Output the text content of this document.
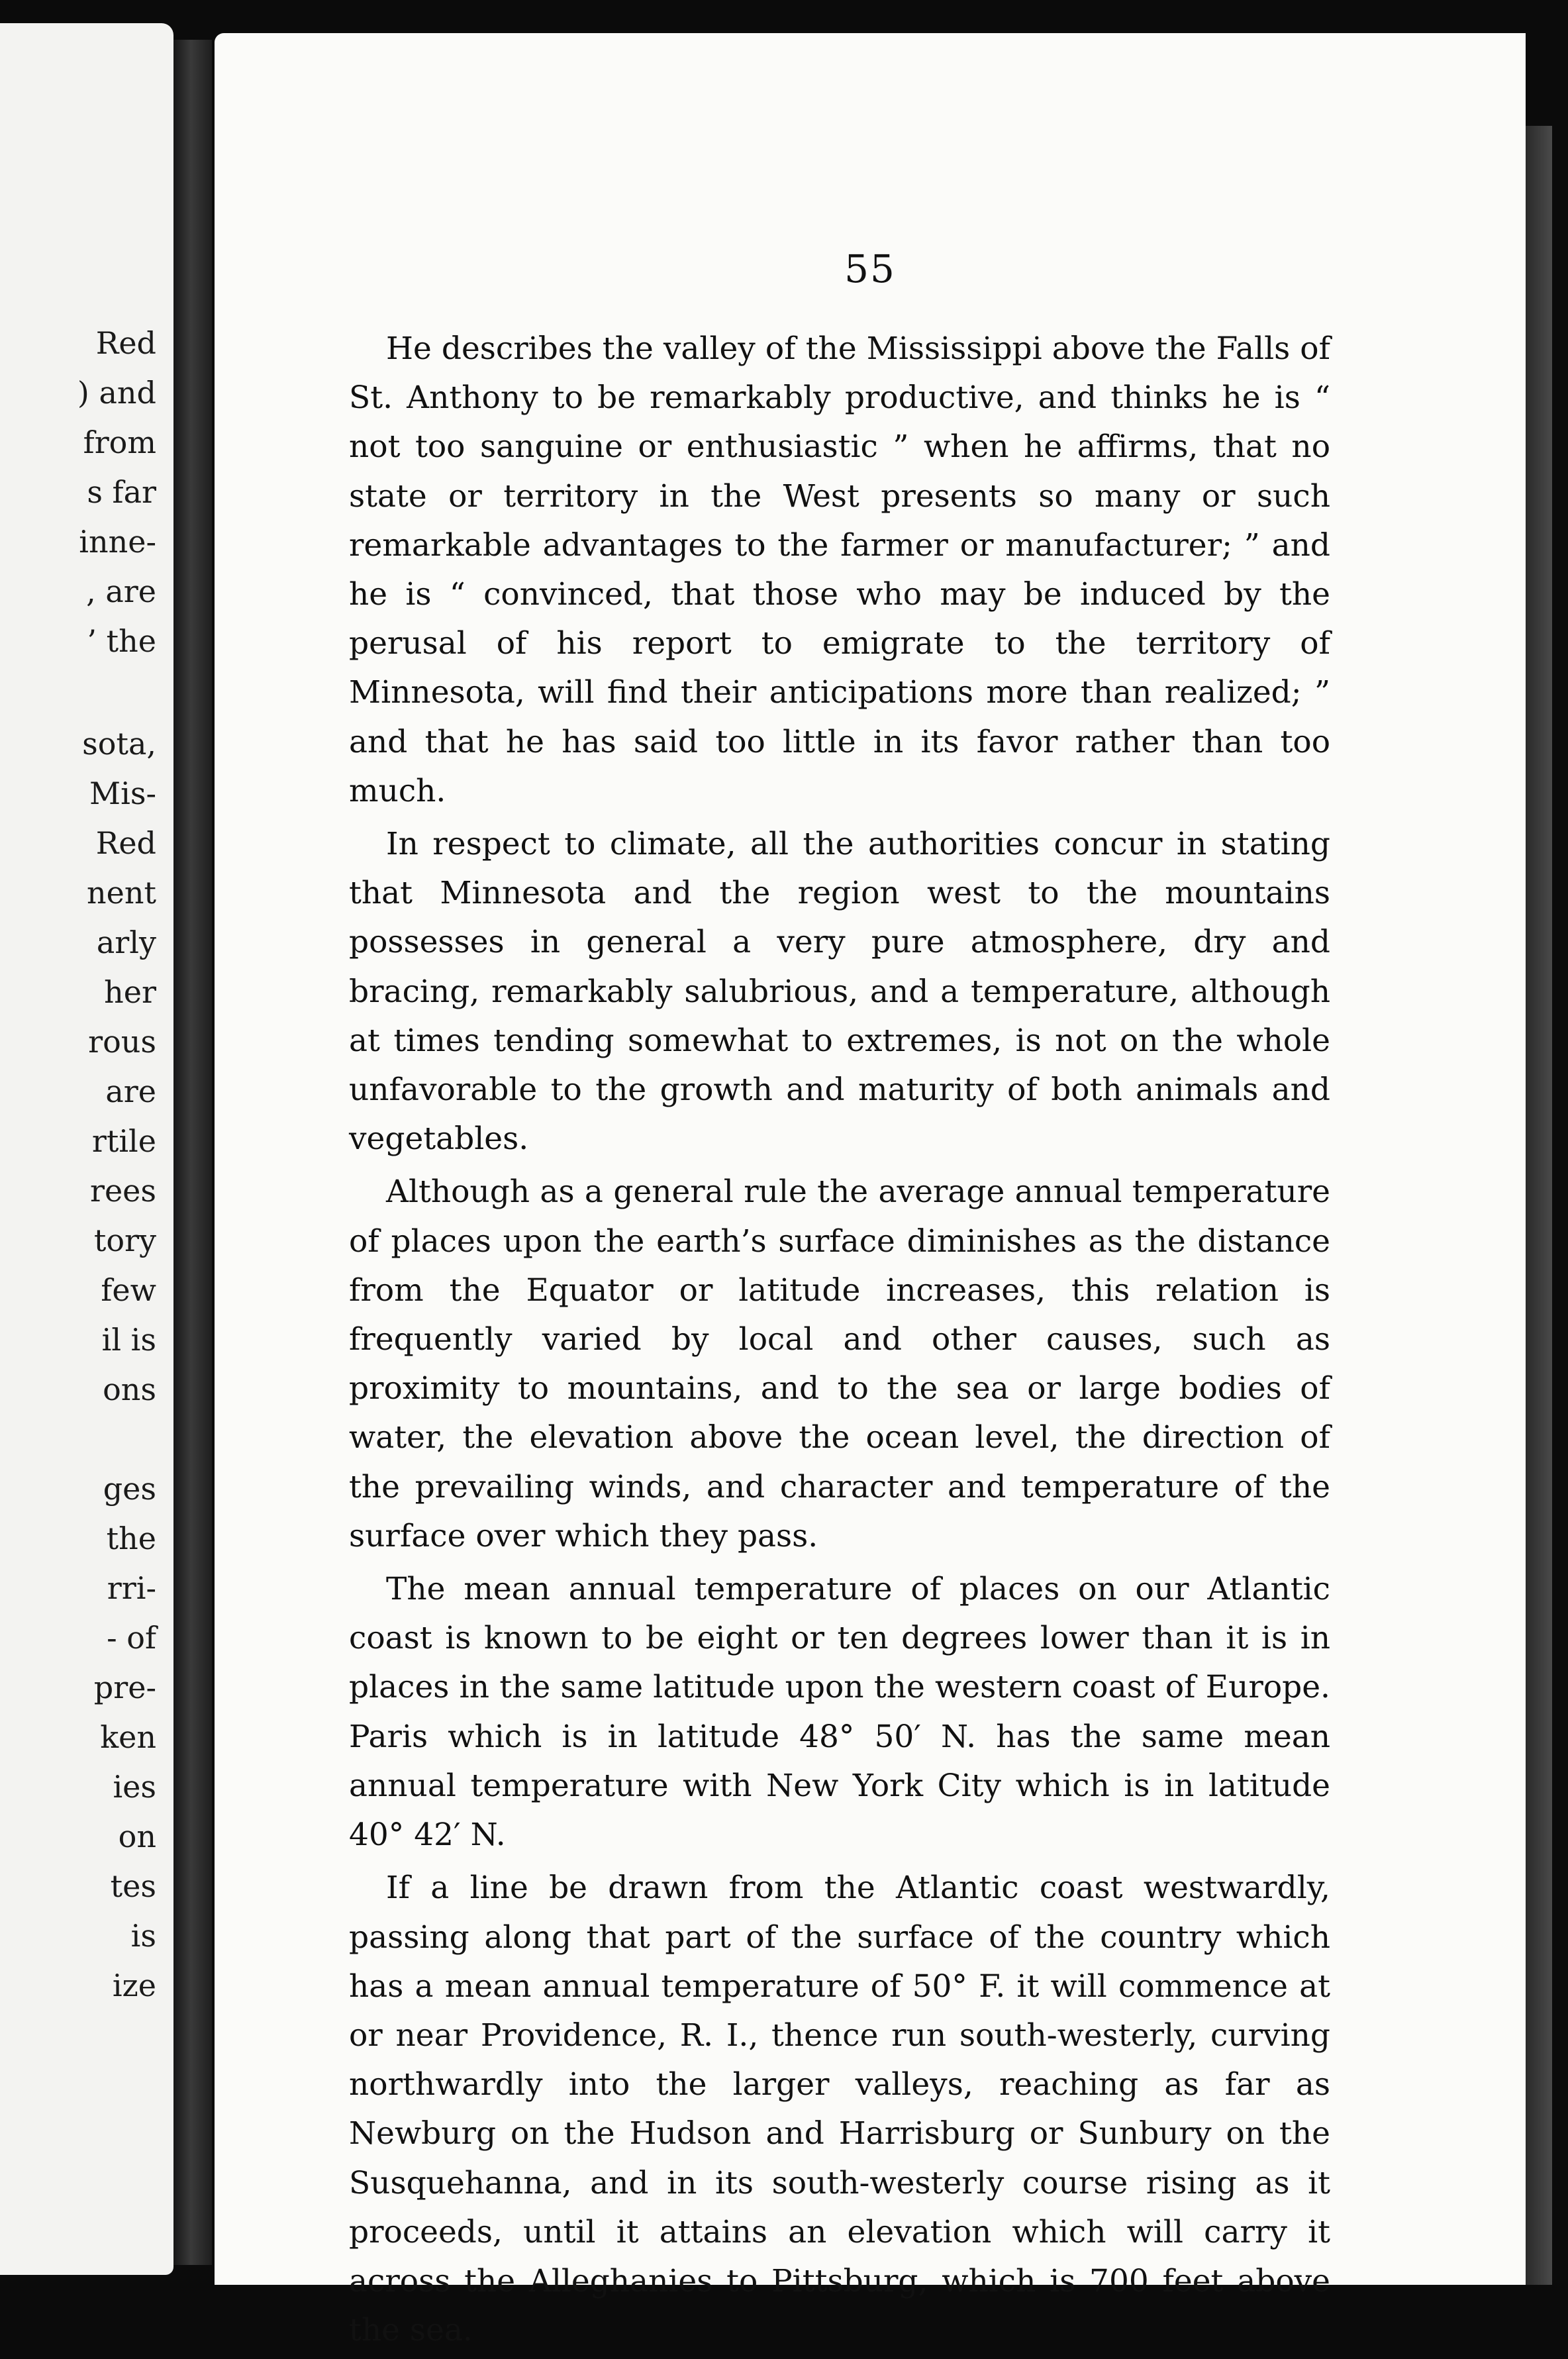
Red
) and
from
s far
inne-
, are
’ the
sota,
Mis-
Red
nent
arly
her
rous
are
rtile
rees
tory
few
il is
ons
ges
the
rri-
- of
pre-
ken
ies
on
tes
is
ize
55

He describes the valley of the Mississippi above the Falls of St. Anthony to be remarkably productive, and thinks he is “ not too sanguine or enthusiastic ” when he affirms, that no state or territory in the West presents so many or such remarkable advantages to the farmer or manufacturer; ” and he is “ convinced, that those who may be induced by the perusal of his report to emigrate to the territory of Minnesota, will find their anticipations more than realized; ” and that he has said too little in its favor rather than too much.

In respect to climate, all the authorities concur in stating that Minnesota and the region west to the mountains possesses in general a very pure atmosphere, dry and bracing, remarkably salubrious, and a temperature, although at times tending somewhat to extremes, is not on the whole unfavorable to the growth and maturity of both animals and vegetables.

Although as a general rule the average annual temperature of places upon the earth’s surface diminishes as the distance from the Equator or latitude increases, this relation is frequently varied by local and other causes, such as proximity to mountains, and to the sea or large bodies of water, the elevation above the ocean level, the direction of the prevailing winds, and character and temperature of the surface over which they pass.

The mean annual temperature of places on our Atlantic coast is known to be eight or ten degrees lower than it is in places in the same latitude upon the western coast of Europe. Paris which is in latitude 48° 50′ N. has the same mean annual temperature with New York City which is in latitude 40° 42′ N.

If a line be drawn from the Atlantic coast westwardly, passing along that part of the surface of the country which has a mean annual temperature of 50° F. it will commence at or near Providence, R. I., thence run south-westerly, curving northwardly into the larger valleys, reaching as far as Newburg on the Hudson and Harrisburg or Sunbury on the Susquehanna, and in its south-westerly course rising as it proceeds, until it attains an elevation which will carry it across the Alleghanies to Pittsburg, which is 700 feet above the sea.
